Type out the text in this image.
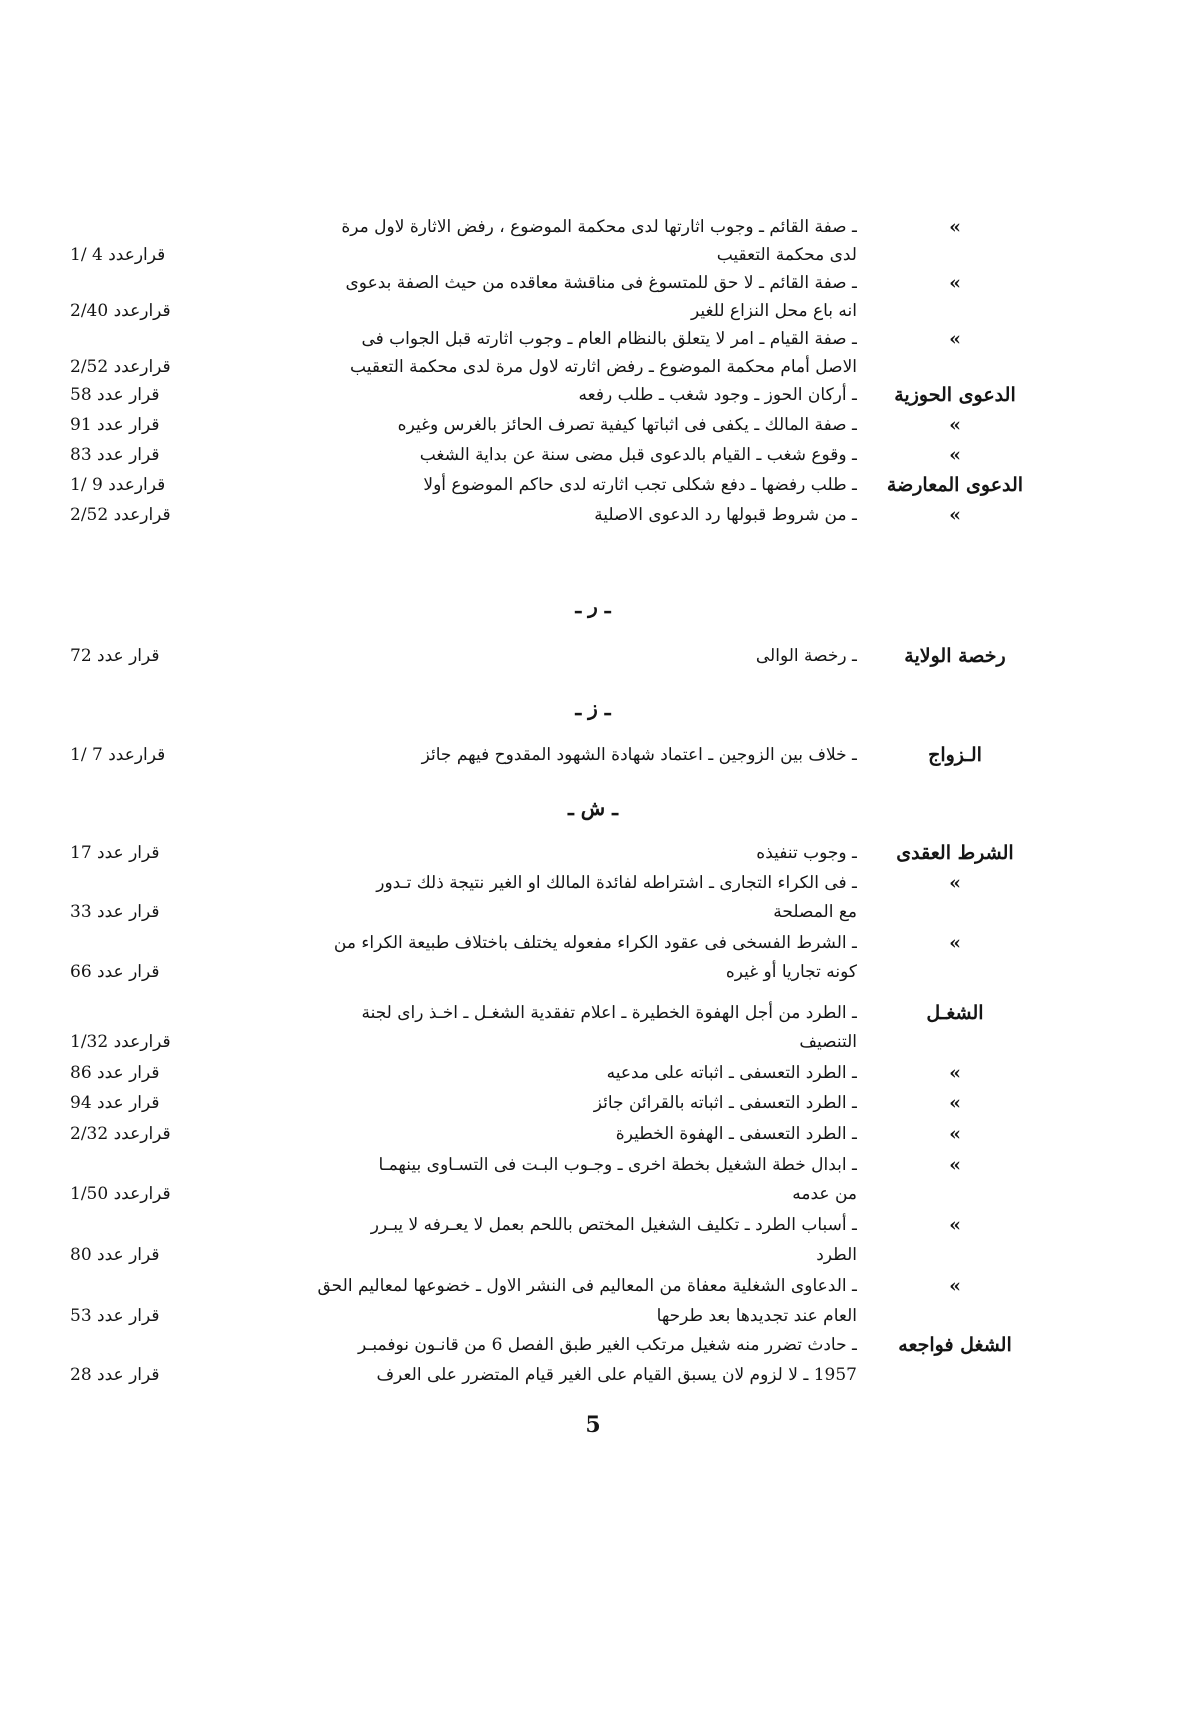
»
ـ صفة القائم ـ وجوب اثارتها لدى محكمة الموضوع ، رفض الاثارة لاول مرة
لدى محكمة التعقيب
قرارعدد 4 /1
»
ـ صفة القائم ـ لا حق للمتسوغ فى مناقشة معاقده من حيث الصفة بدعوى
انه باع محل النزاع للغير
قرارعدد 2/40
»
ـ صفة القيام ـ امر لا يتعلق بالنظام العام ـ وجوب اثارته قبل الجواب فى
الاصل أمام محكمة الموضوع ـ رفض اثارته لاول مرة لدى محكمة التعقيب
قرارعدد 2/52
الدعوى الحوزية
ـ أركان الحوز ـ وجود شغب ـ طلب رفعه
قرار عدد 58
»
ـ صفة المالك ـ يكفى فى اثباتها كيفية تصرف الحائز بالغرس وغيره
قرار عدد 91
»
ـ وقوع شغب ـ القيام بالدعوى قبل مضى سنة عن بداية الشغب
قرار عدد 83
الدعوى المعارضة
ـ طلب رفضها ـ دفع شكلى تجب اثارته لدى حاكم الموضوع أولا
قرارعدد 9 /1
»
ـ من شروط قبولها رد الدعوى الاصلية
قرارعدد 2/52
ـ ر ـ
رخصة الولاية
ـ رخصة الوالى
قرار عدد 72
ـ ز ـ
الـزواج
ـ خلاف بين الزوجين ـ اعتماد شهادة الشهود المقدوح فيهم جائز
قرارعدد 7 /1
ـ ش ـ
الشرط العقدى
ـ وجوب تنفيذه
قرار عدد 17
»
ـ فى الكراء التجارى ـ اشتراطه لفائدة المالك او الغير نتيجة ذلك تـدور
مع المصلحة
قرار عدد 33
»
ـ الشرط الفسخى فى عقود الكراء مفعوله يختلف باختلاف طبيعة الكراء من
كونه تجاريا أو غيره
قرار عدد 66
الشغـل
ـ الطرد من أجل الهفوة الخطيرة ـ اعلام تفقدية الشغـل ـ اخـذ راى لجنة
التنصيف
قرارعدد 1/32
»
ـ الطرد التعسفى ـ اثباته على مدعيه
قرار عدد 86
»
ـ الطرد التعسفى ـ اثباته بالقرائن جائز
قرار عدد 94
»
ـ الطرد التعسفى ـ الهفوة الخطيرة
قرارعدد 2/32
»
ـ ابدال خطة الشغيل بخطة اخرى ـ وجـوب البـت فى التسـاوى بينهمـا
من عدمه
قرارعدد 1/50
»
ـ أسباب الطرد ـ تكليف الشغيل المختص باللحم بعمل لا يعـرفه لا يبـرر
الطرد
قرار عدد 80
»
ـ الدعاوى الشغلية معفاة من المعاليم فى النشر الاول ـ خضوعها لمعاليم الحق
العام عند تجديدها بعد طرحها
قرار عدد 53
الشغل فواجعه
ـ حادث تضرر منه شغيل مرتكب الغير طبق الفصل 6 من قانـون نوفمبـر
1957 ـ لا لزوم لان يسبق القيام على الغير قيام المتضرر على العرف
قرار عدد 28
5
